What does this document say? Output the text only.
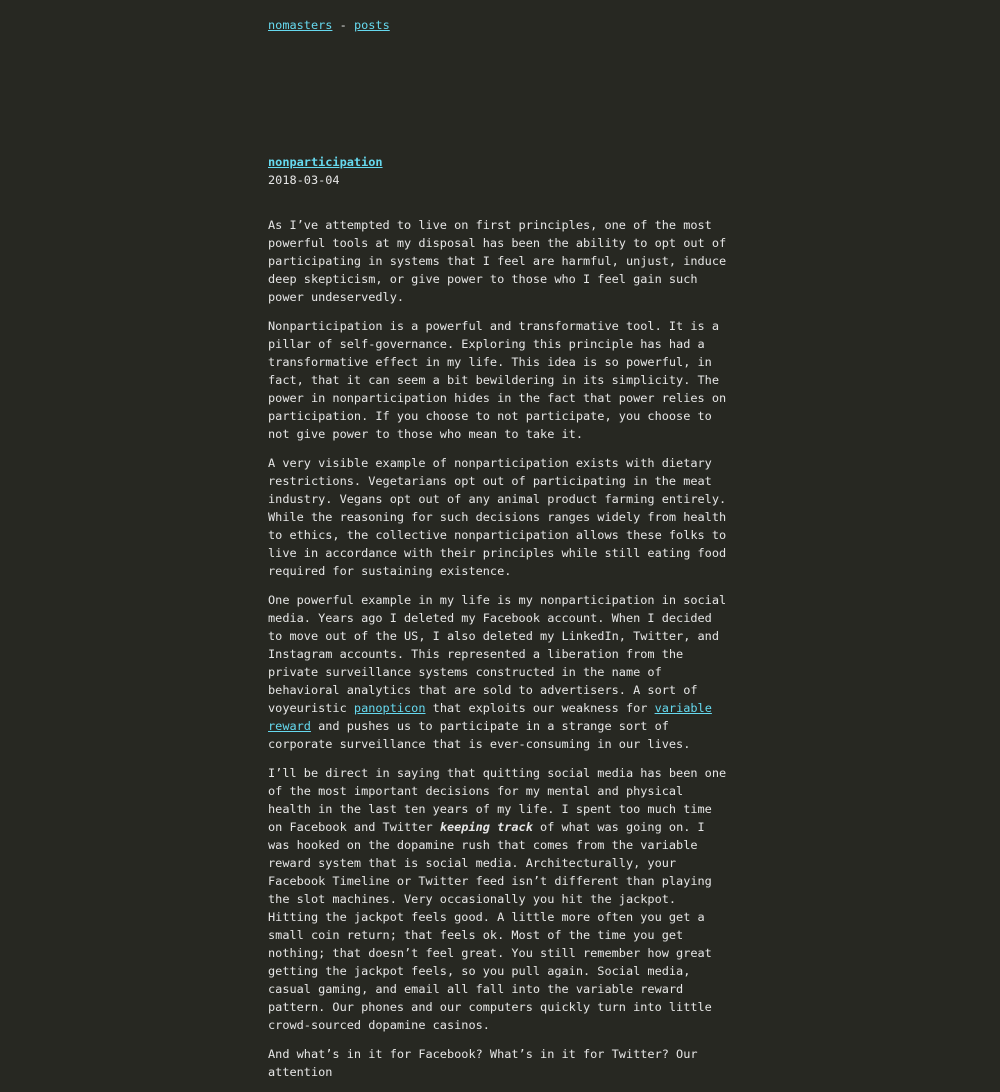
nomasters - posts
nonparticipation
2018-03-04

As I’ve attempted to live on first principles, one of the most powerful tools at my disposal has been the ability to opt out of participating in systems that I feel are harmful, unjust, induce deep skepticism, or give power to those who I feel gain such power undeservedly.

Nonparticipation is a powerful and transformative tool. It is a pillar of self-governance. Exploring this principle has had a transformative effect in my life. This idea is so powerful, in fact, that it can seem a bit bewildering in its simplicity. The power in nonparticipation hides in the fact that power relies on participation. If you choose to not participate, you choose to not give power to those who mean to take it.

A very visible example of nonparticipation exists with dietary restrictions. Vegetarians opt out of participating in the meat industry. Vegans opt out of any animal product farming entirely. While the reasoning for such decisions ranges widely from health to ethics, the collective nonparticipation allows these folks to live in accordance with their principles while still eating food required for sustaining existence.

One powerful example in my life is my nonparticipation in social media. Years ago I deleted my Facebook account. When I decided to move out of the US, I also deleted my LinkedIn, Twitter, and Instagram accounts. This represented a liberation from the private surveillance systems constructed in the name of behavioral analytics that are sold to advertisers. A sort of voyeuristic panopticon that exploits our weakness for variable reward and pushes us to participate in a strange sort of corporate surveillance that is ever-consuming in our lives.

I’ll be direct in saying that quitting social media has been one of the most important decisions for my mental and physical health in the last ten years of my life. I spent too much time on Facebook and Twitter keeping track of what was going on. I was hooked on the dopamine rush that comes from the variable reward system that is social media. Architecturally, your Facebook Timeline or Twitter feed isn’t different than playing the slot machines. Very occasionally you hit the jackpot. Hitting the jackpot feels good. A little more often you get a small coin return; that feels ok. Most of the time you get nothing; that doesn’t feel great. You still remember how great getting the jackpot feels, so you pull again. Social media, casual gaming, and email all fall into the variable reward pattern. Our phones and our computers quickly turn into little crowd-sourced dopamine casinos.

And what’s in it for Facebook? What’s in it for Twitter? Our attention
